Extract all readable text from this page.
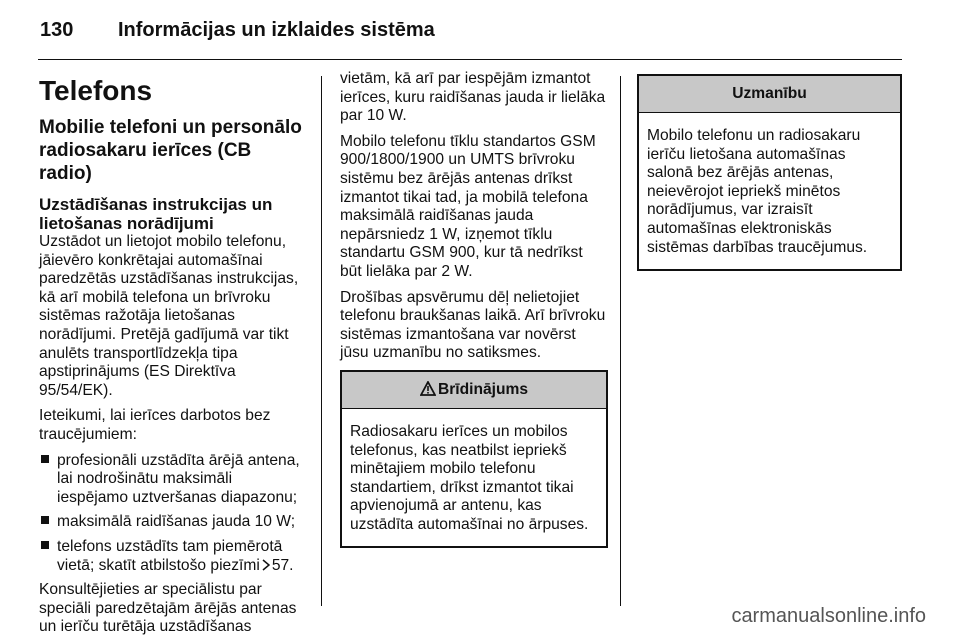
130	Informācijas un izklaides sistēma
Telefons
Mobilie telefoni un personālo radiosakaru ierīces (CB radio)
Uzstādīšanas instrukcijas un lietošanas norādījumi

Uzstādot un lietojot mobilo telefonu, jāievēro konkrētajai automašīnai paredzētās uzstādīšanas instrukcijas, kā arī mobilā telefona un brīvroku sistēmas ražotāja lietošanas norādījumi. Pretējā gadījumā var tikt anulēts transportlīdzekļa tipa apstiprinājums (ES Direktīva 95/54/EK).

Ieteikumi, lai ierīces darbotos bez traucējumiem:

profesionāli uzstādīta ārējā antena, lai nodrošinātu maksimāli iespējamo uztveršanas diapazonu;
maksimālā raidīšanas jauda 10 W;
telefons uzstādīts tam piemērotā vietā; skatīt atbilstošo piezīmi 57.

Konsultējieties ar speciālistu par speciāli paredzētajām ārējās antenas un ierīču turētāja uzstādīšanas

vietām, kā arī par iespējām izmantot ierīces, kuru raidīšanas jauda ir lielāka par 10 W.

Mobilo telefonu tīklu standartos GSM 900/1800/1900 un UMTS brīvroku sistēmu bez ārējās antenas drīkst izmantot tikai tad, ja mobilā telefona maksimālā raidīšanas jauda nepārsniedz 1 W, izņemot tīklu standartu GSM 900, kur tā nedrīkst būt lielāka par 2 W.

Drošības apsvērumu dēļ nelietojiet telefonu braukšanas laikā. Arī brīvroku sistēmas izmantošana var novērst jūsu uzmanību no satiksmes.

Brīdinājums

Radiosakaru ierīces un mobilos telefonus, kas neatbilst iepriekš minētajiem mobilo telefonu standartiem, drīkst izmantot tikai apvienojumā ar antenu, kas uzstādīta automašīnai no ārpuses.

Uzmanību

Mobilo telefonu un radiosakaru ierīču lietošana automašīnas salonā bez ārējās antenas, neievērojot iepriekš minētos norādījumus, var izraisīt automašīnas elektroniskās sistēmas darbības traucējumus.

carmanualsonline.info
